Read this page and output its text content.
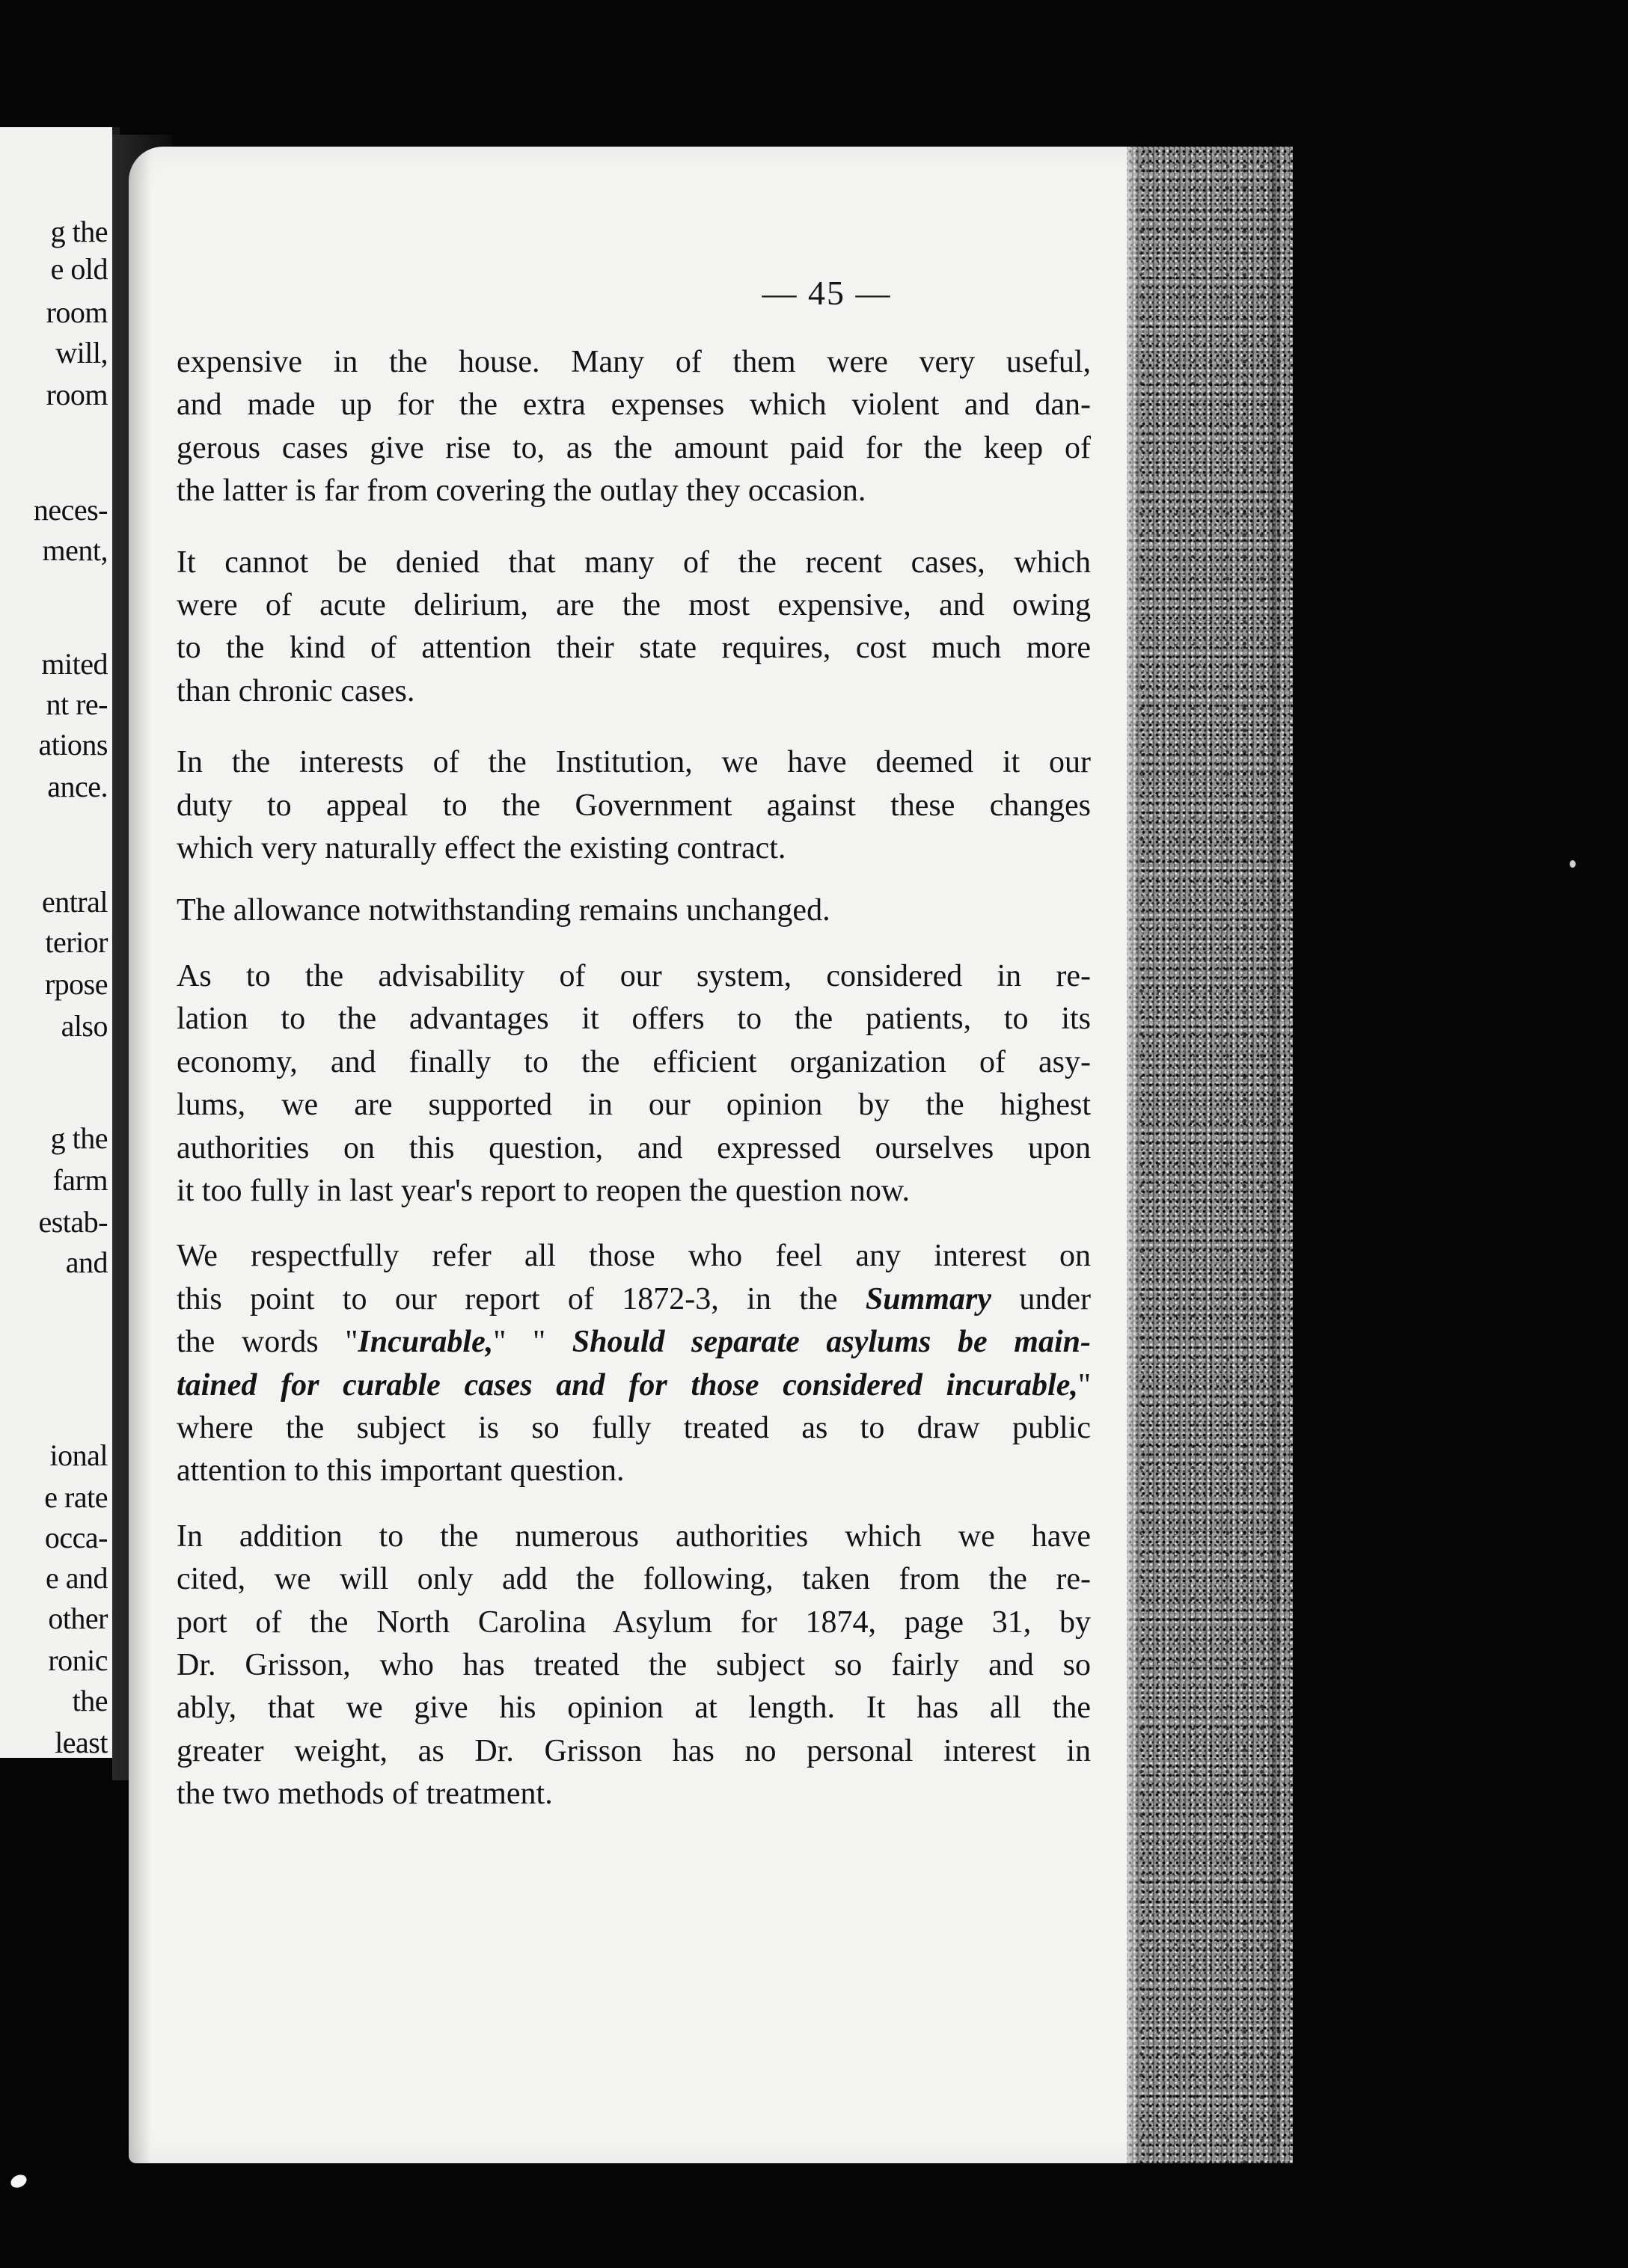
g the
e old
room
will,
room
neces-
ment,
mited
nt re-
ations
ance.
entral
terior
rpose
also
g the
farm
estab-
and
ional
e rate
occa-
e and
other
ronic
the
least
— 45 —

expensive in the house. Many of them were very useful,
and made up for the extra expenses which violent and dan-
gerous cases give rise to, as the amount paid for the keep of
the latter is far from covering the outlay they occasion.

It cannot be denied that many of the recent cases, which
were of acute delirium, are the most expensive, and owing
to the kind of attention their state requires, cost much more
than chronic cases.

In the interests of the Institution, we have deemed it our
duty to appeal to the Government against these changes
which very naturally effect the existing contract.

The allowance notwithstanding remains unchanged.

As to the advisability of our system, considered in re-
lation to the advantages it offers to the patients, to its
economy, and finally to the efficient organization of asy-
lums, we are supported in our opinion by the highest
authorities on this question, and expressed ourselves upon
it too fully in last year's report to reopen the question now.

We respectfully refer all those who feel any interest on
this point to our report of 1872-3, in the Summary under
the words "Incurable," " Should separate asylums be main-
tained for curable cases and for those considered incurable,"
where the subject is so fully treated as to draw public
attention to this important question.

In addition to the numerous authorities which we have
cited, we will only add the following, taken from the re-
port of the North Carolina Asylum for 1874, page 31, by
Dr. Grisson, who has treated the subject so fairly and so
ably, that we give his opinion at length. It has all the
greater weight, as Dr. Grisson has no personal interest in
the two methods of treatment.
